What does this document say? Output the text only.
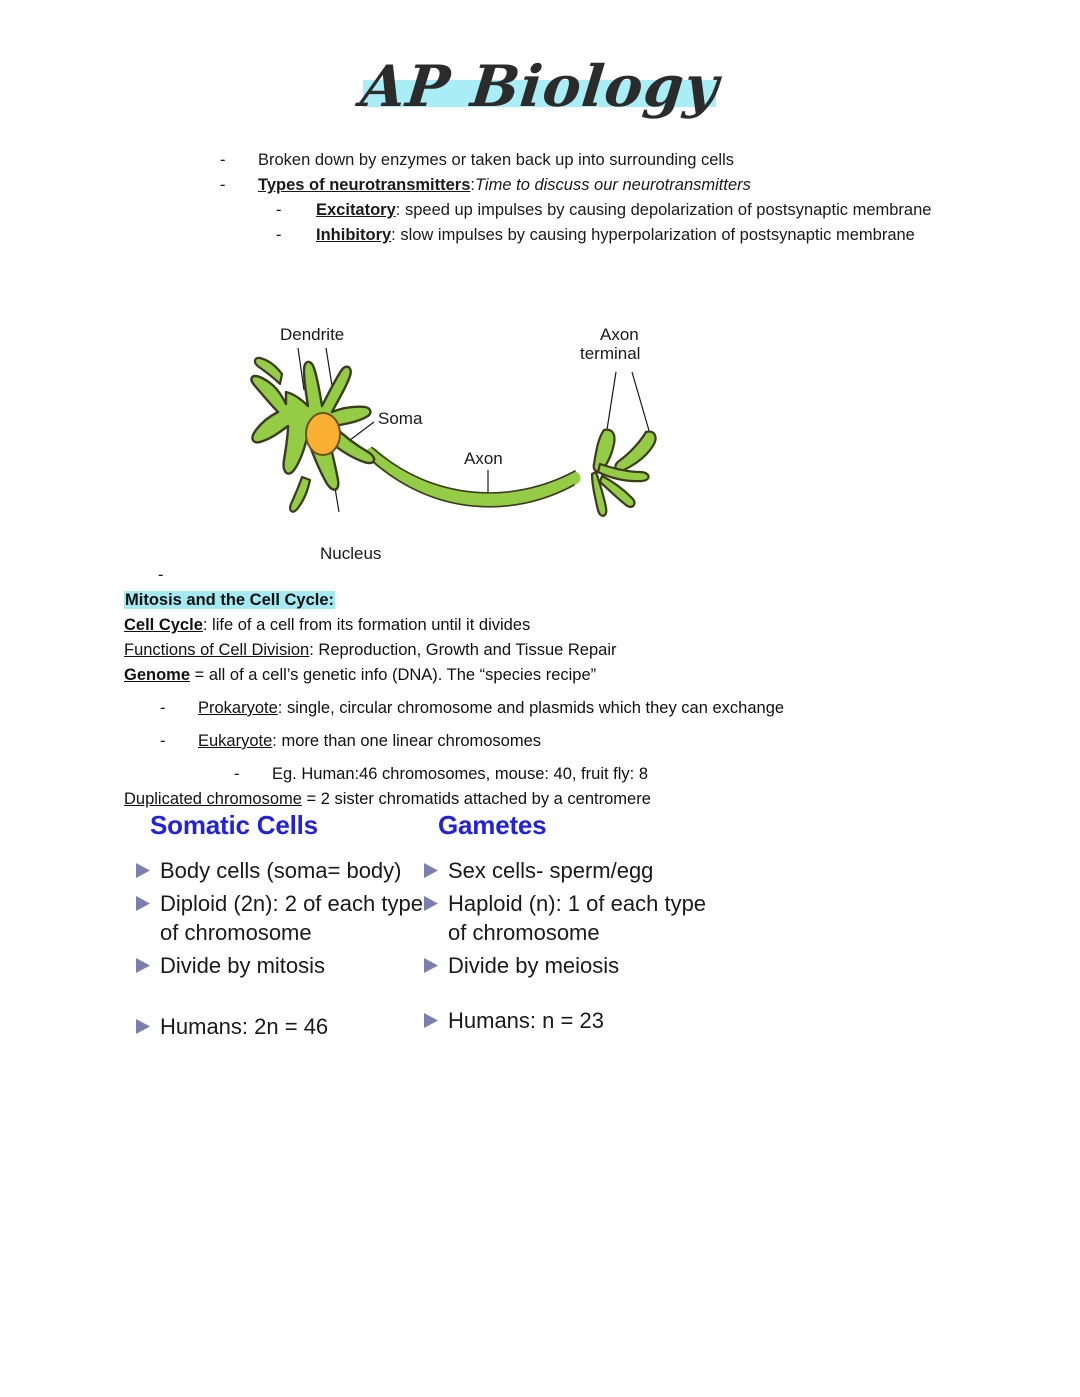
AP Biology
- Broken down by enzymes or taken back up into surrounding cells
- Types of neurotransmitters:Time to discuss our neurotransmitters
- Excitatory: speed up impulses by causing depolarization of postsynaptic membrane
- Inhibitory: slow impulses by causing hyperpolarization of postsynaptic membrane
Dendrite
Soma
Nucleus
Axon
Axon
terminal
-
Mitosis and the Cell Cycle:
Cell Cycle: life of a cell from its formation until it divides
Functions of Cell Division: Reproduction, Growth and Tissue Repair
Genome = all of a cell’s genetic info (DNA). The “species recipe”
- Prokaryote: single, circular chromosome and plasmids which they can exchange
- Eukaryote: more than one linear chromosomes
- Eg. Human:46 chromosomes, mouse: 40, fruit fly: 8
Duplicated chromosome = 2 sister chromatids attached by a centromere
Somatic Cells
Body cells (soma= body)
Diploid (2n): 2 of each type of chromosome
Divide by mitosis
Humans: 2n = 46
Gametes
Sex cells- sperm/egg
Haploid (n): 1 of each type of chromosome
Divide by meiosis
Humans: n = 23
